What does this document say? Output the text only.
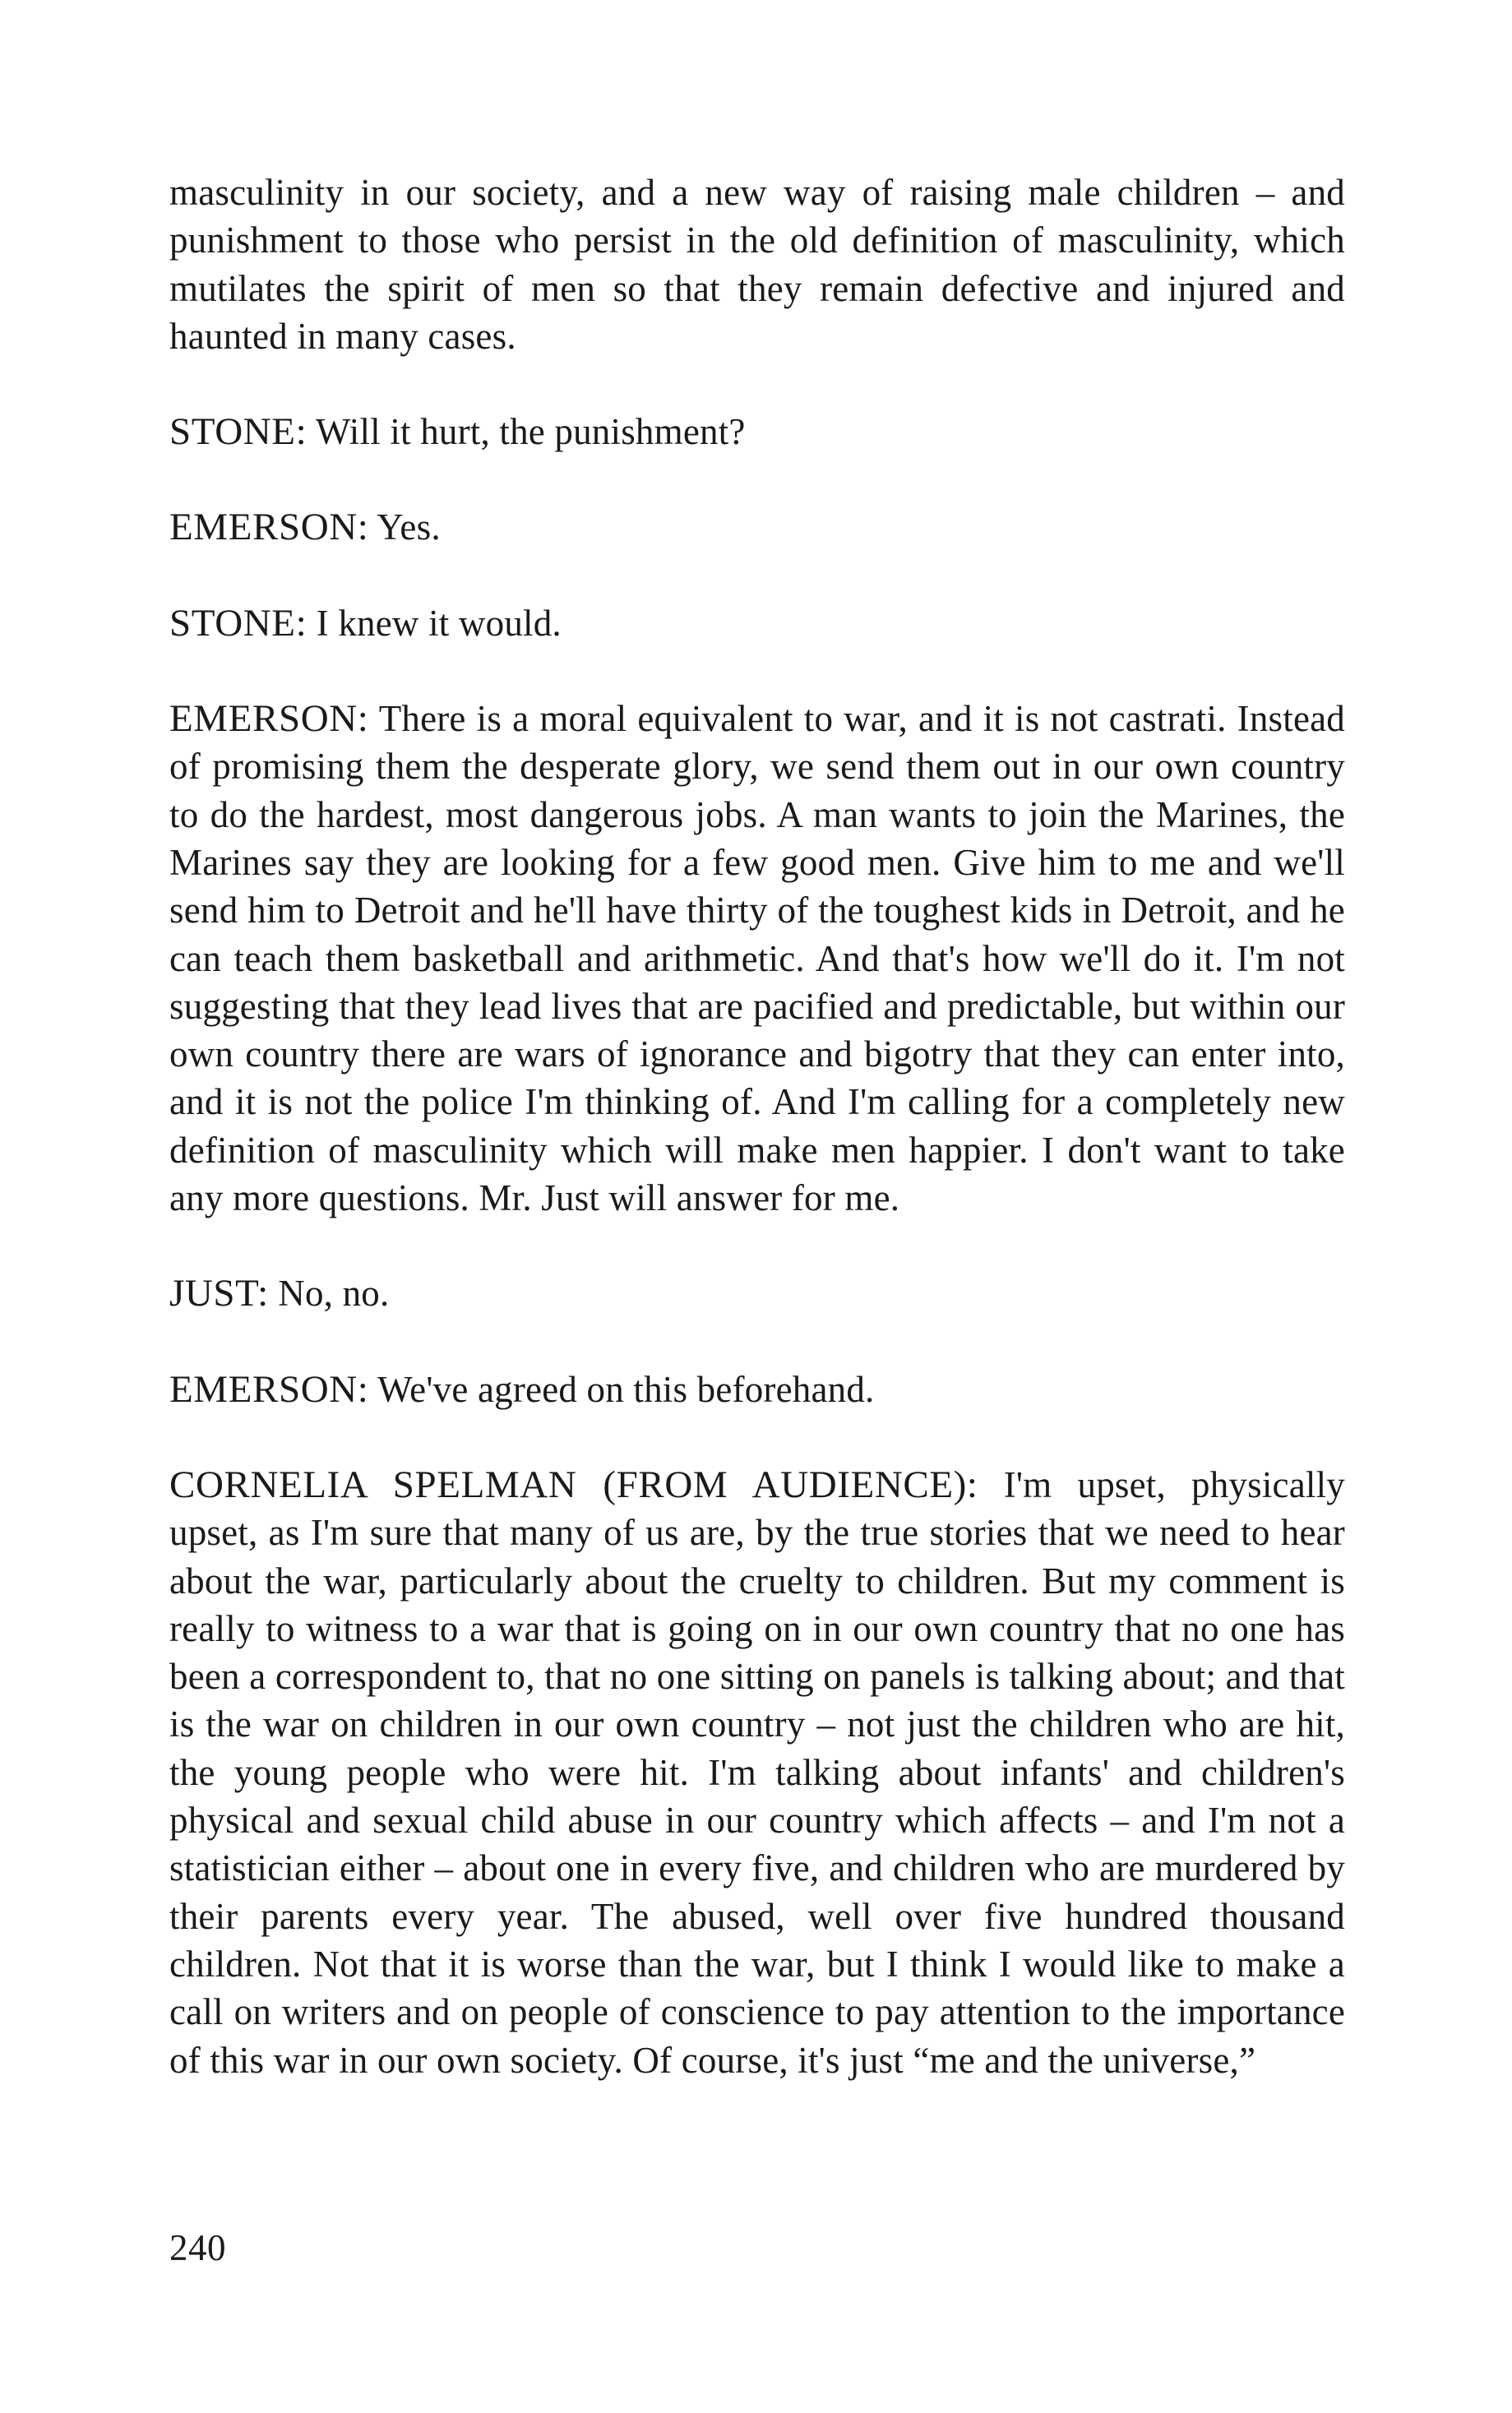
masculinity in our society, and a new way of raising male children – and punishment to those who persist in the old definition of masculinity, which mutilates the spirit of men so that they remain defective and injured and haunted in many cases.

STONE: Will it hurt, the punishment?

EMERSON: Yes.

STONE: I knew it would.

EMERSON: There is a moral equivalent to war, and it is not castrati. Instead of promising them the desperate glory, we send them out in our own country to do the hardest, most dangerous jobs. A man wants to join the Marines, the Marines say they are looking for a few good men. Give him to me and we'll send him to Detroit and he'll have thirty of the toughest kids in Detroit, and he can teach them basketball and arithmetic. And that's how we'll do it. I'm not suggesting that they lead lives that are pacified and predictable, but within our own country there are wars of ignorance and bigotry that they can enter into, and it is not the police I'm thinking of. And I'm calling for a completely new definition of masculinity which will make men happier. I don't want to take any more questions. Mr. Just will answer for me.

JUST: No, no.

EMERSON: We've agreed on this beforehand.

CORNELIA SPELMAN (FROM AUDIENCE): I'm upset, physically upset, as I'm sure that many of us are, by the true stories that we need to hear about the war, particularly about the cruelty to children. But my comment is really to witness to a war that is going on in our own country that no one has been a correspondent to, that no one sitting on panels is talking about; and that is the war on children in our own country – not just the children who are hit, the young people who were hit. I'm talking about infants' and children's physical and sexual child abuse in our country which affects – and I'm not a statistician either – about one in every five, and children who are murdered by their parents every year. The abused, well over five hundred thousand children. Not that it is worse than the war, but I think I would like to make a call on writers and on people of conscience to pay attention to the importance of this war in our own society. Of course, it's just “me and the universe,”

240
